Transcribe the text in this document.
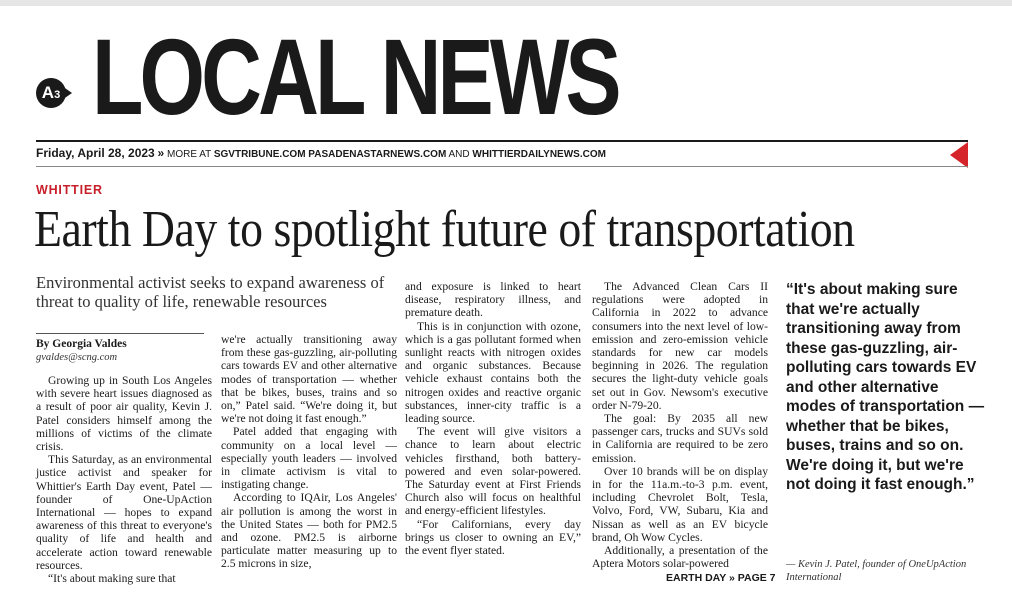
A3 LOCAL NEWS
Friday, April 28, 2023 » MORE AT SGVTRIBUNE.COM PASADENASTARNEWS.COM AND WHITTIERDAILYNEWS.COM
WHITTIER
Earth Day to spotlight future of transportation
Environmental activist seeks to expand awareness of threat to quality of life, renewable resources
By Georgia Valdes
gvaldes@scng.com

Growing up in South Los Angeles with severe heart issues diagnosed as a result of poor air quality, Kevin J. Patel considers himself among the millions of victims of the climate crisis.

This Saturday, as an environmental justice activist and speaker for Whittier's Earth Day event, Patel — founder of One-UpAction International — hopes to expand awareness of this threat to everyone's quality of life and health and accelerate action toward renewable resources.

“It's about making sure that

we're actually transitioning away from these gas-guzzling, air-polluting cars towards EV and other alternative modes of transportation — whether that be bikes, buses, trains and so on,” Patel said. “We're doing it, but we're not doing it fast enough.”

Patel added that engaging with community on a local level — especially youth leaders — involved in climate activism is vital to instigating change.

According to IQAir, Los Angeles' air pollution is among the worst in the United States — both for PM2.5 and ozone. PM2.5 is airborne particulate matter measuring up to 2.5 microns in size,

and exposure is linked to heart disease, respiratory illness, and premature death.

This is in conjunction with ozone, which is a gas pollutant formed when sunlight reacts with nitrogen oxides and organic substances. Because vehicle exhaust contains both the nitrogen oxides and reactive organic substances, inner-city traffic is a leading source.

The event will give visitors a chance to learn about electric vehicles firsthand, both battery-powered and even solar-powered. The Saturday event at First Friends Church also will focus on healthful and energy-efficient lifestyles.

“For Californians, every day brings us closer to owning an EV,” the event flyer stated.

The Advanced Clean Cars II regulations were adopted in California in 2022 to advance consumers into the next level of low-emission and zero-emission vehicle standards for new car models beginning in 2026. The regulation secures the light-duty vehicle goals set out in Gov. Newsom's executive order N-79-20.

The goal: By 2035 all new passenger cars, trucks and SUVs sold in California are required to be zero emission.

Over 10 brands will be on display in for the 11a.m.-to-3 p.m. event, including Chevrolet Bolt, Tesla, Volvo, Ford, VW, Subaru, Kia and Nissan as well as an EV bicycle brand, Oh Wow Cycles.

Additionally, a presentation of the Aptera Motors solar-powered

EARTH DAY » PAGE 7
“It's about making sure that we're actually transitioning away from these gas-guzzling, air-polluting cars towards EV and other alternative modes of transportation — whether that be bikes, buses, trains and so on. We're doing it, but we're not doing it fast enough.”
— Kevin J. Patel, founder of OneUpAction International
